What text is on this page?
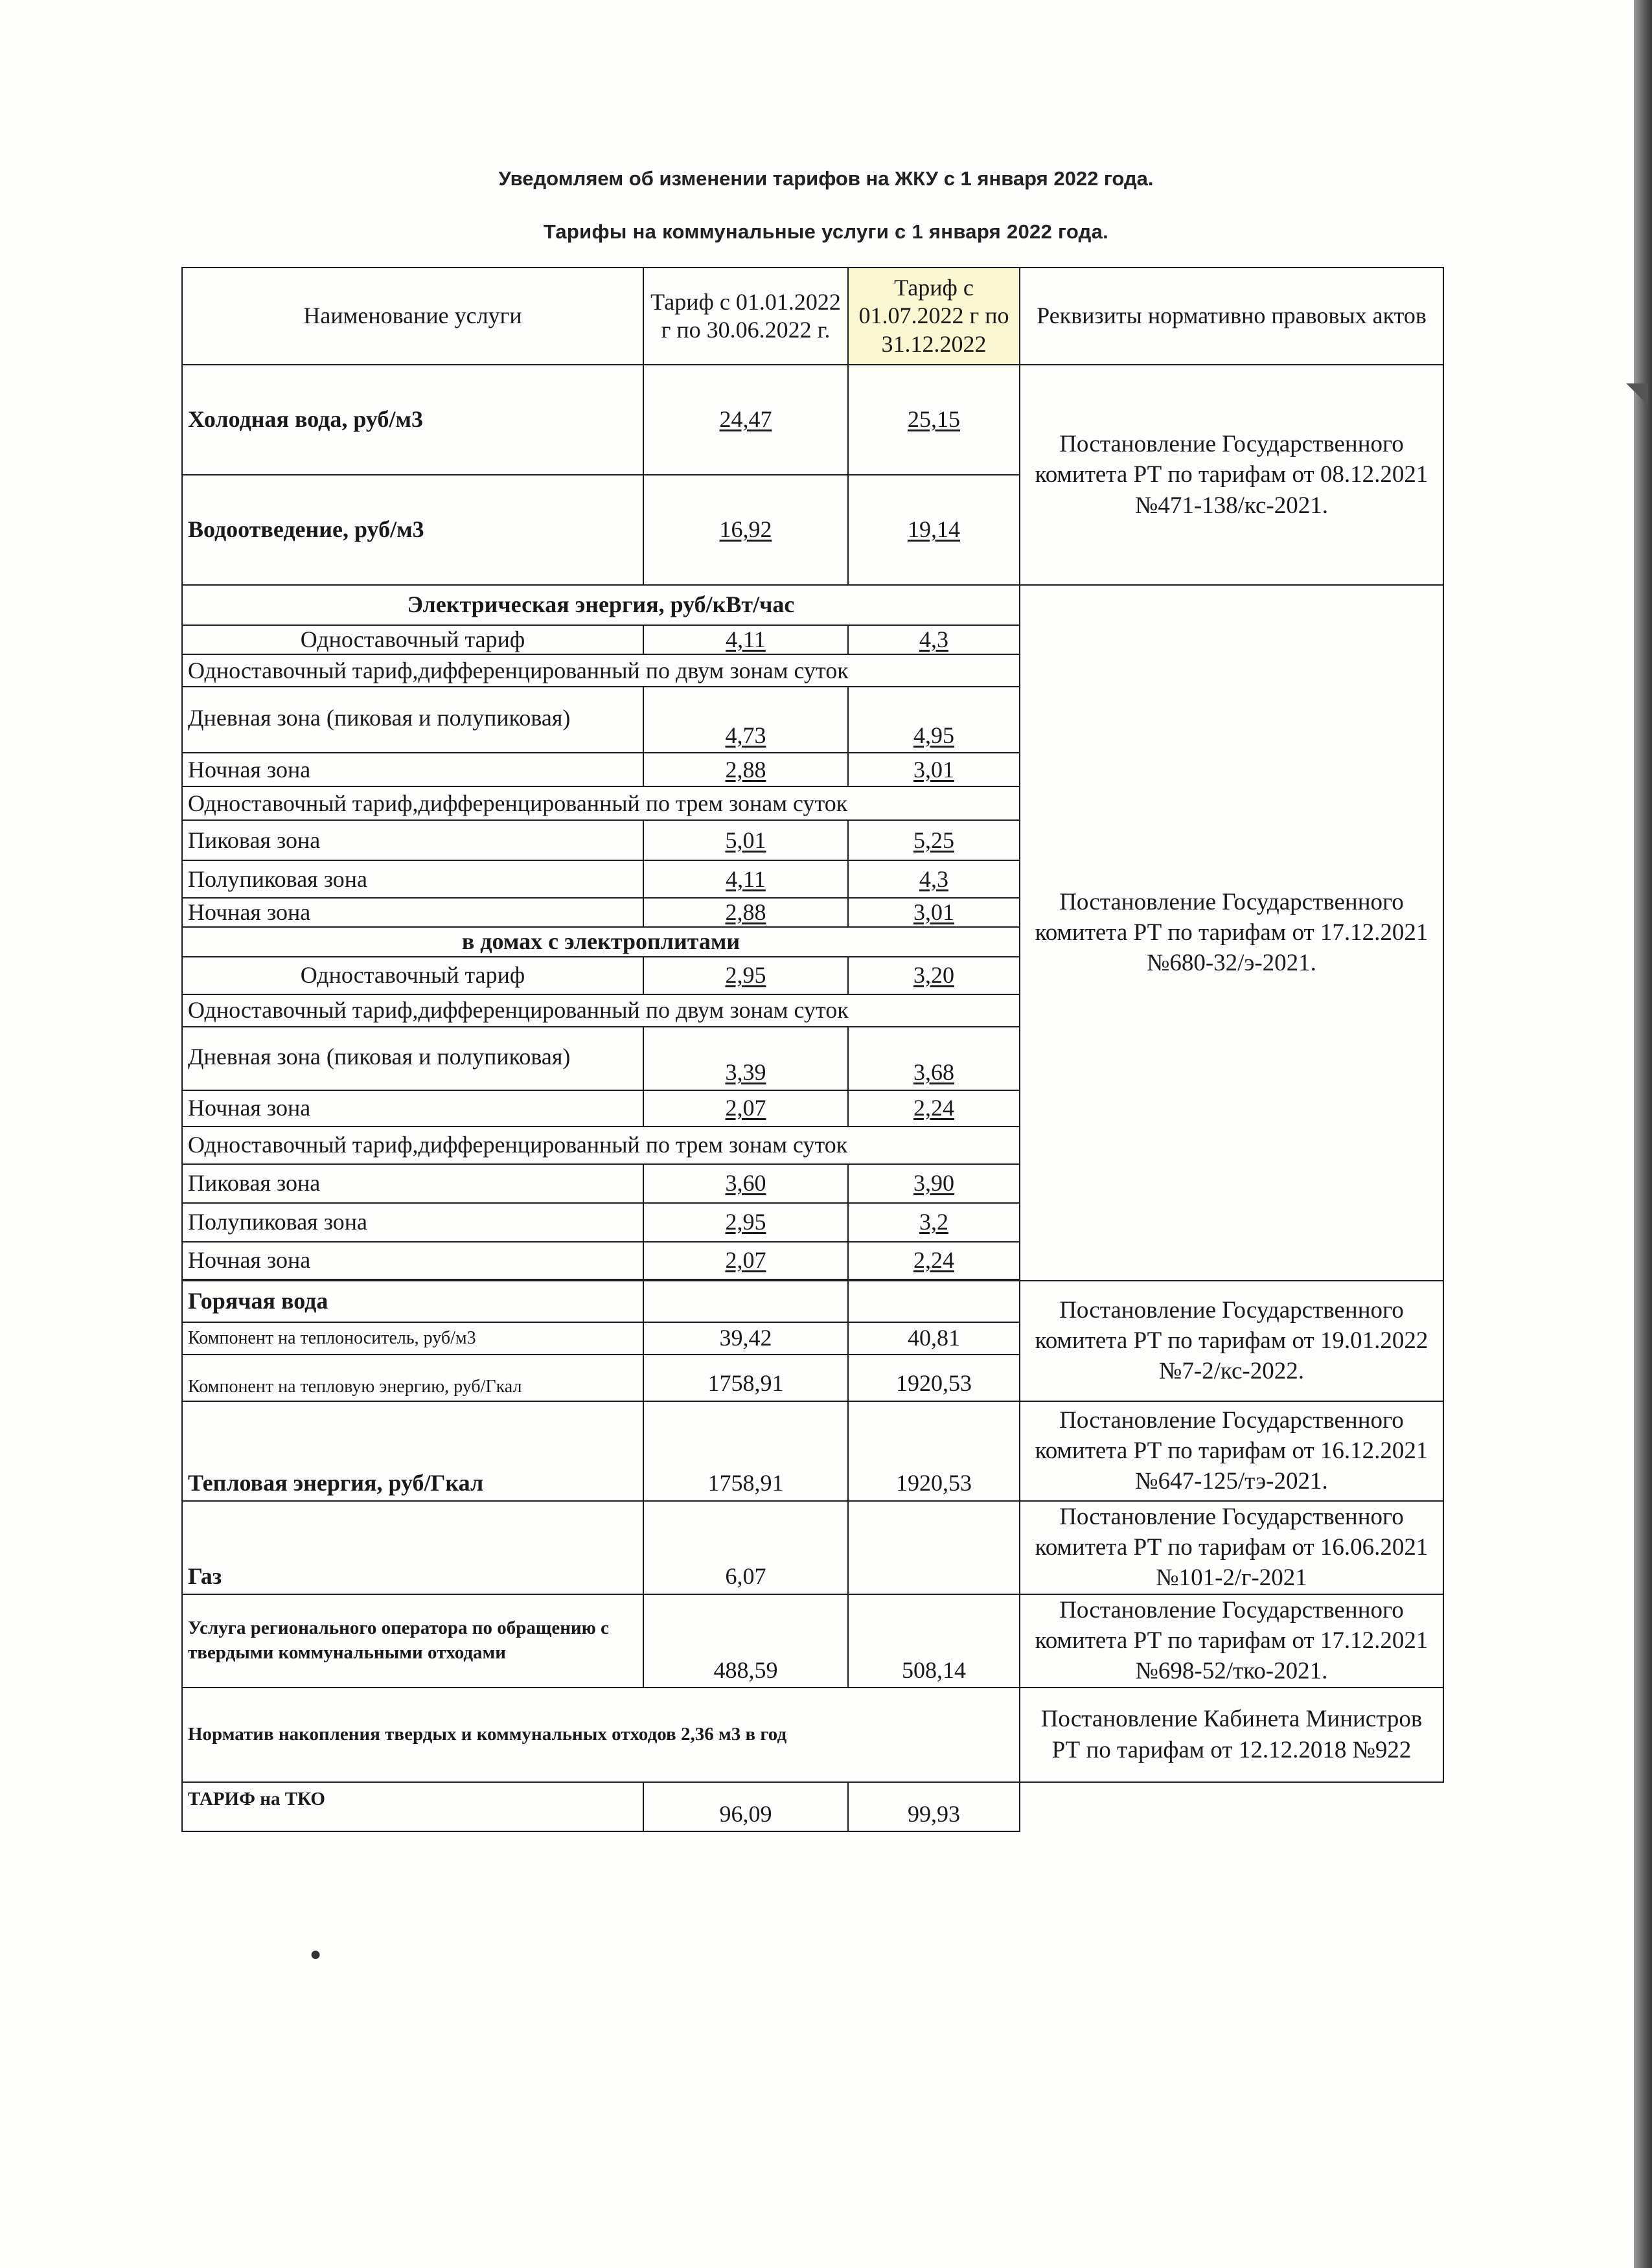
Уведомляем об изменении тарифов на ЖКУ с 1 января 2022 года.
Тарифы на коммунальные услуги с 1 января 2022 года.
Наименование услуги	Тариф с 01.01.2022 г по 30.06.2022 г.	Тариф с 01.07.2022 г по 31.12.2022	Реквизиты нормативно правовых актов
Холодная вода, руб/м3	24,47	25,15	Постановление Государственного комитета РТ по тарифам от 08.12.2021 №471-138/кс-2021.
Водоотведение, руб/м3	16,92	19,14	
Электрическая энергия, руб/кВт/час			Постановление Государственного комитета РТ по тарифам от 17.12.2021 №680-32/э-2021.
Одноставочный тариф	4,11	4,3	
Одноставочный тариф,дифференцированный по двум зонам суток			
Дневная зона (пиковая и полупиковая)	4,73	4,95	
Ночная зона	2,88	3,01	
Одноставочный тариф,дифференцированный по трем зонам суток			
Пиковая зона	5,01	5,25	
Полупиковая зона	4,11	4,3	
Ночная зона	2,88	3,01	
в домах с электроплитами			
Одноставочный тариф	2,95	3,20	
Одноставочный тариф,дифференцированный по двум зонам суток			
Дневная зона (пиковая и полупиковая)	3,39	3,68	
Ночная зона	2,07	2,24	
Одноставочный тариф,дифференцированный по трем зонам суток			
Пиковая зона	3,60	3,90	
Полупиковая зона	2,95	3,2	
Ночная зона	2,07	2,24	

Горячая вода			Постановление Государственного комитета РТ по тарифам от 19.01.2022 №7-2/кс-2022.
Компонент на теплоноситель, руб/м3	39,42	40,81	
Компонент на тепловую энергию, руб/Гкал	1758,91	1920,53	
Тепловая энергия, руб/Гкал	1758,91	1920,53	Постановление Государственного комитета РТ по тарифам от 16.12.2021 №647-125/тэ-2021.
Газ	6,07		Постановление Государственного комитета РТ по тарифам от 16.06.2021 №101-2/г-2021
Услуга регионального оператора по обращению с твердыми коммунальными отходами	488,59	508,14	Постановление Государственного комитета РТ по тарифам от 17.12.2021 №698-52/тко-2021.
Норматив накопления твердых и коммунальных отходов 2,36 м3 в год			Постановление Кабинета Министров РТ по тарифам от 12.12.2018 №922
ТАРИФ на ТКО	96,09	99,93	
●
◥
